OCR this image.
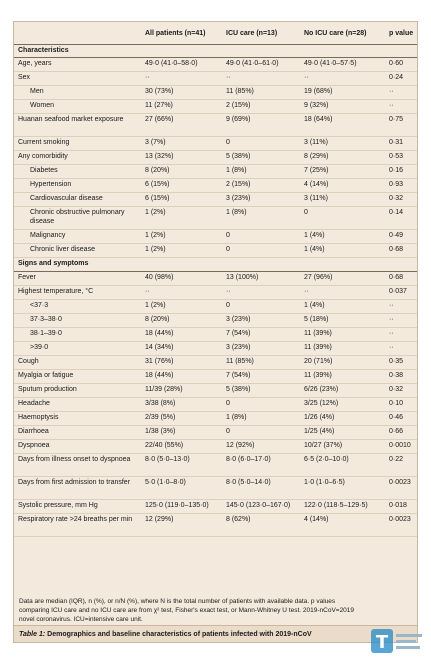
	All patients (n=41)	ICU care (n=13)	No ICU care (n=28)	p value
Characteristics				
Age, years	49·0 (41·0–58·0)	49·0 (41·0–61·0)	49·0 (41·0–57·5)	0·60
Sex	··	··	··	0·24
Men	30 (73%)	11 (85%)	19 (68%)	··
Women	11 (27%)	2 (15%)	9 (32%)	··
Huanan seafood market exposure	27 (66%)	9 (69%)	18 (64%)	0·75
Current smoking	3 (7%)	0	3 (11%)	0·31
Any comorbidity	13 (32%)	5 (38%)	8 (29%)	0·53
Diabetes	8 (20%)	1 (8%)	7 (25%)	0·16
Hypertension	6 (15%)	2 (15%)	4 (14%)	0·93
Cardiovascular disease	6 (15%)	3 (23%)	3 (11%)	0·32
Chronic obstructive pulmonary disease	1 (2%)	1 (8%)	0	0·14
Malignancy	1 (2%)	0	1 (4%)	0·49
Chronic liver disease	1 (2%)	0	1 (4%)	0·68
Signs and symptoms				
Fever	40 (98%)	13 (100%)	27 (96%)	0·68
Highest temperature, °C	··	··	··	0·037
<37·3	1 (2%)	0	1 (4%)	··
37·3–38·0	8 (20%)	3 (23%)	5 (18%)	··
38·1–39·0	18 (44%)	7 (54%)	11 (39%)	··
>39·0	14 (34%)	3 (23%)	11 (39%)	··
Cough	31 (76%)	11 (85%)	20 (71%)	0·35
Myalgia or fatigue	18 (44%)	7 (54%)	11 (39%)	0·38
Sputum production	11/39 (28%)	5 (38%)	6/26 (23%)	0·32
Headache	3/38 (8%)	0	3/25 (12%)	0·10
Haemoptysis	2/39 (5%)	1 (8%)	1/26 (4%)	0·46
Diarrhoea	1/38 (3%)	0	1/25 (4%)	0·66
Dyspnoea	22/40 (55%)	12 (92%)	10/27 (37%)	0·0010
Days from illness onset to dyspnoea	8·0 (5·0–13·0)	8·0 (6·0–17·0)	6·5 (2·0–10·0)	0·22
Days from first admission to transfer	5·0 (1·0–8·0)	8·0 (5·0–14·0)	1·0 (1·0–6·5)	0·0023
Systolic pressure, mm Hg	125·0 (119·0–135·0)	145·0 (123·0–167·0)	122·0 (118·5–129·5)	0·018
Respiratory rate >24 breaths per min	12 (29%)	8 (62%)	4 (14%)	0·0023

Data are median (IQR), n (%), or n/N (%), where N is the total number of patients with available data. p values
comparing ICU care and no ICU care are from χ² test, Fisher's exact test, or Mann-Whitney U test. 2019-nCoV=2019
novel coronavirus. ICU=intensive care unit.

Table 1: Demographics and baseline characteristics of patients infected with 2019-nCoV	T
